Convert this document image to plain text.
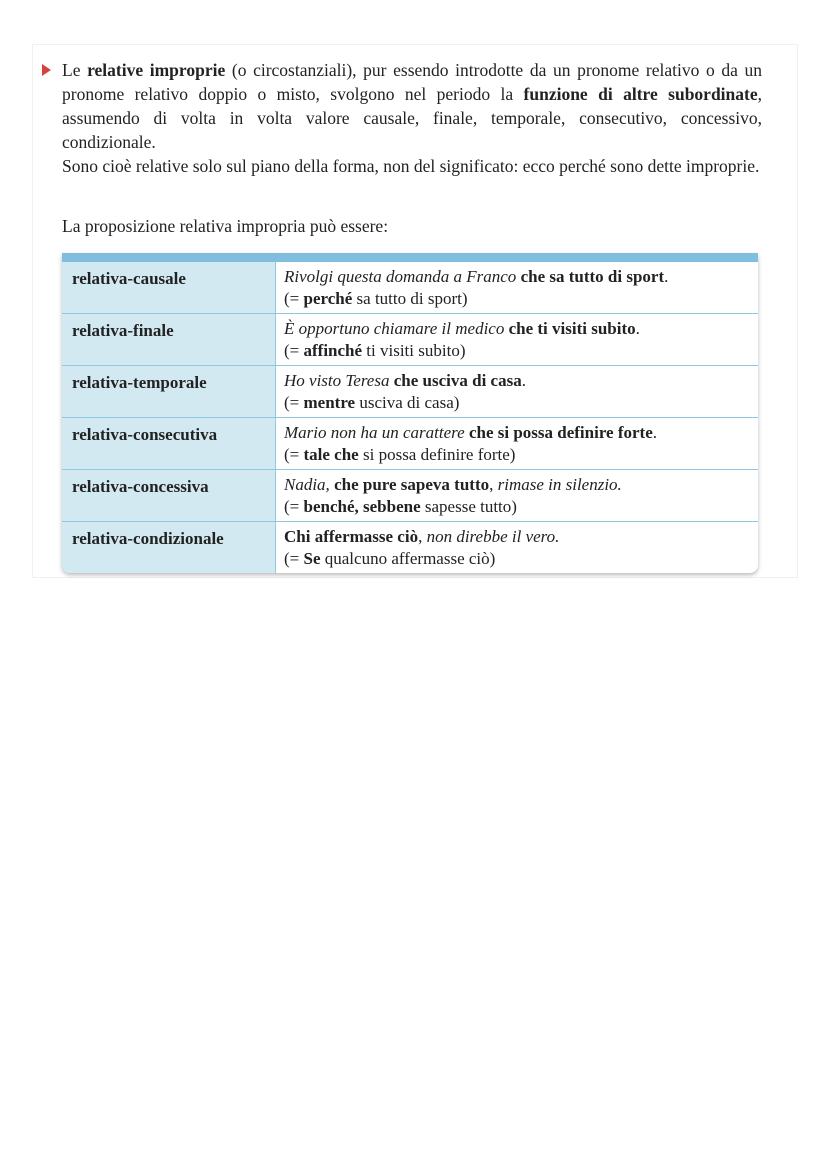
Le relative improprie (o circostanziali), pur essendo introdotte da un pronome relativo o da un pronome relativo doppio o misto, svolgono nel periodo la funzione di altre subordinate, assumendo di volta in volta valore causale, finale, temporale, consecutivo, concessivo, condizionale.

Sono cioè relative solo sul piano della forma, non del significato: ecco perché sono dette improprie.

La proposizione relativa impropria può essere:
relativa-causale	Rivolgi questa domanda a Franco che sa tutto di sport.
(= perché sa tutto di sport)
relativa-finale	È opportuno chiamare il medico che ti visiti subito.
(= affinché ti visiti subito)
relativa-temporale	Ho visto Teresa che usciva di casa.
(= mentre usciva di casa)
relativa-consecutiva	Mario non ha un carattere che si possa definire forte.
(= tale che si possa definire forte)
relativa-concessiva	Nadia, che pure sapeva tutto, rimase in silenzio.
(= benché, sebbene sapesse tutto)
relativa-condizionale	Chi affermasse ciò, non direbbe il vero.
(= Se qualcuno affermasse ciò)
